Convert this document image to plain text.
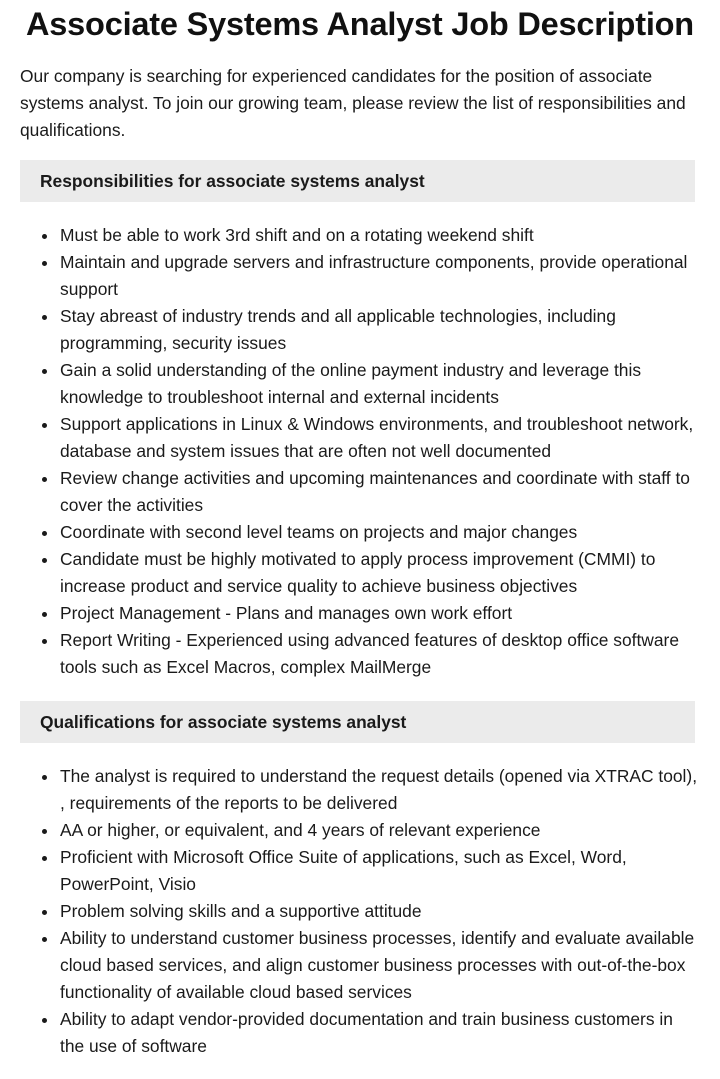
Associate Systems Analyst Job Description

Our company is searching for experienced candidates for the position of associate systems analyst. To join our growing team, please review the list of responsibilities and qualifications.

Responsibilities for associate systems analyst
Must be able to work 3rd shift and on a rotating weekend shift
Maintain and upgrade servers and infrastructure components, provide operational support
Stay abreast of industry trends and all applicable technologies, including programming, security issues
Gain a solid understanding of the online payment industry and leverage this knowledge to troubleshoot internal and external incidents
Support applications in Linux & Windows environments, and troubleshoot network, database and system issues that are often not well documented
Review change activities and upcoming maintenances and coordinate with staff to cover the activities
Coordinate with second level teams on projects and major changes
Candidate must be highly motivated to apply process improvement (CMMI) to increase product and service quality to achieve business objectives
Project Management - Plans and manages own work effort
Report Writing - Experienced using advanced features of desktop office software tools such as Excel Macros, complex MailMerge
Qualifications for associate systems analyst
The analyst is required to understand the request details (opened via XTRAC tool), , requirements of the reports to be delivered
AA or higher, or equivalent, and 4 years of relevant experience
Proficient with Microsoft Office Suite of applications, such as Excel, Word, PowerPoint, Visio
Problem solving skills and a supportive attitude
Ability to understand customer business processes, identify and evaluate available cloud based services, and align customer business processes with out-of-the-box functionality of available cloud based services
Ability to adapt vendor-provided documentation and train business customers in the use of software
